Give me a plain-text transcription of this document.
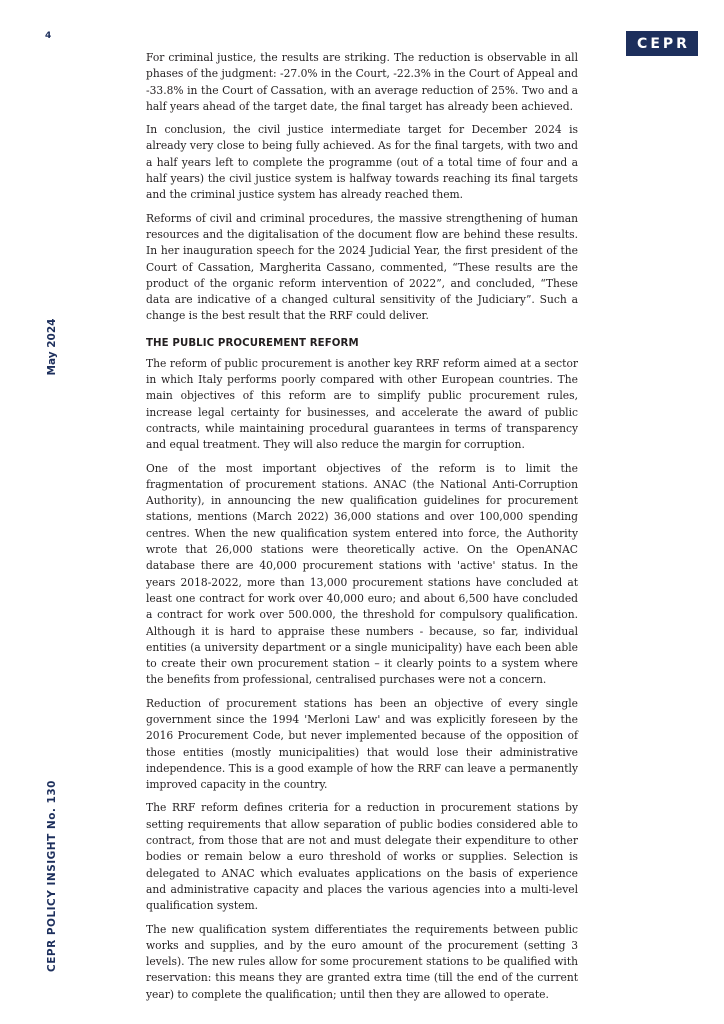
4	CEPR
May 2024
CEPR POLICY INSIGHT No. 130

For criminal justice, the results are striking. The reduction is observable in all phases of the judgment: -27.0% in the Court, -22.3% in the Court of Appeal and -33.8% in the Court of Cassation, with an average reduction of 25%. Two and a half years ahead of the target date, the final target has already been achieved.

In conclusion, the civil justice intermediate target for December 2024 is already very close to being fully achieved. As for the final targets, with two and a half years left to complete the programme (out of a total time of four and a half years) the civil justice system is halfway towards reaching its final targets and the criminal justice system has already reached them.

Reforms of civil and criminal procedures, the massive strengthening of human resources and the digitalisation of the document flow are behind these results. In her inauguration speech for the 2024 Judicial Year, the first president of the Court of Cassation, Margherita Cassano, commented, “These results are the product of the organic reform intervention of 2022”, and concluded, “These data are indicative of a changed cultural sensitivity of the Judiciary”. Such a change is the best result that the RRF could deliver.

THE PUBLIC PROCUREMENT REFORM

The reform of public procurement is another key RRF reform aimed at a sector in which Italy performs poorly compared with other European countries. The main objectives of this reform are to simplify public procurement rules, increase legal certainty for businesses, and accelerate the award of public contracts, while maintaining procedural guarantees in terms of transparency and equal treatment. They will also reduce the margin for corruption.

One of the most important objectives of the reform is to limit the fragmentation of procurement stations. ANAC (the National Anti-Corruption Authority), in announcing the new qualification guidelines for procurement stations, mentions (March 2022) 36,000 stations and over 100,000 spending centres. When the new qualification system entered into force, the Authority wrote that 26,000 stations were theoretically active. On the OpenANAC database there are 40,000 procurement stations with 'active' status. In the years 2018-2022, more than 13,000 procurement stations have concluded at least one contract for work over 40,000 euro; and about 6,500 have concluded a contract for work over 500.000, the threshold for compulsory qualification. Although it is hard to appraise these numbers - because, so far, individual entities (a university department or a single municipality) have each been able to create their own procurement station – it clearly points to a system where the benefits from professional, centralised purchases were not a concern.

Reduction of procurement stations has been an objective of every single government since the 1994 'Merloni Law' and was explicitly foreseen by the 2016 Procurement Code, but never implemented because of the opposition of those entities (mostly municipalities) that would lose their administrative independence. This is a good example of how the RRF can leave a permanently improved capacity in the country.

The RRF reform defines criteria for a reduction in procurement stations by setting requirements that allow separation of public bodies considered able to contract, from those that are not and must delegate their expenditure to other bodies or remain below a euro threshold of works or supplies. Selection is delegated to ANAC which evaluates applications on the basis of experience and administrative capacity and places the various agencies into a multi-level qualification system.

The new qualification system differentiates the requirements between public works and supplies, and by the euro amount of the procurement (setting 3 levels). The new rules allow for some procurement stations to be qualified with reservation: this means they are granted extra time (till the end of the current year) to complete the qualification; until then they are allowed to operate.
